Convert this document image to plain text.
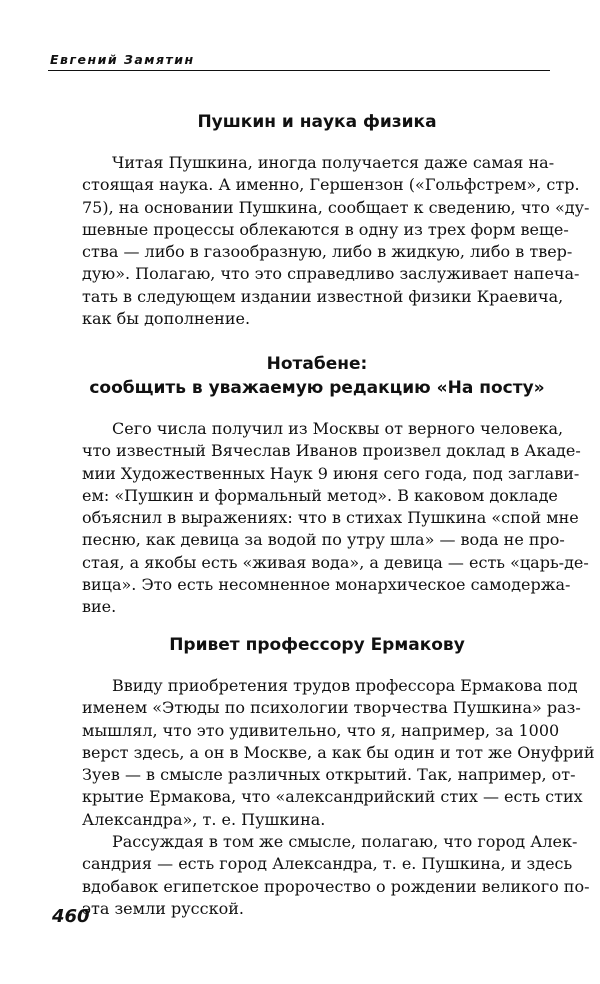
Евгений Замятин
Пушкин и наука физика
Читая Пушкина, иногда получается даже самая на-
стоящая наука. А именно, Гершензон («Гольфстрем», стр.
75), на основании Пушкина, сообщает к сведению, что «ду-
шевные процессы облекаются в одну из трех форм веще-
ства — либо в газообразную, либо в жидкую, либо в твер-
дую». Полагаю, что это справедливо заслуживает напеча-
тать в следующем издании известной физики Краевича,
как бы дополнение.
Нотабене:
сообщить в уважаемую редакцию «На посту»
Сего числа получил из Москвы от верного человека,
что известный Вячеслав Иванов произвел доклад в Акаде-
мии Художественных Наук 9 июня сего года, под заглави-
ем: «Пушкин и формальный метод». В каковом докладе
объяснил в выражениях: что в стихах Пушкина «спой мне
песню, как девица за водой по утру шла» — вода не про-
стая, а якобы есть «живая вода», а девица — есть «царь-де-
вица». Это есть несомненное монархическое самодержа-
вие.
Привет профессору Ермакову
Ввиду приобретения трудов профессора Ермакова под
именем «Этюды по психологии творчества Пушкина» раз-
мышлял, что это удивительно, что я, например, за 1000
верст здесь, а он в Москве, а как бы один и тот же Онуфрий
Зуев — в смысле различных открытий. Так, например, от-
крытие Ермакова, что «александрийский стих — есть стих
Александра», т. е. Пушкина.
Рассуждая в том же смысле, полагаю, что город Алек-
сандрия — есть город Александра, т. е. Пушкина, и здесь
вдобавок египетское пророчество о рождении великого по-
эта земли русской.
460
